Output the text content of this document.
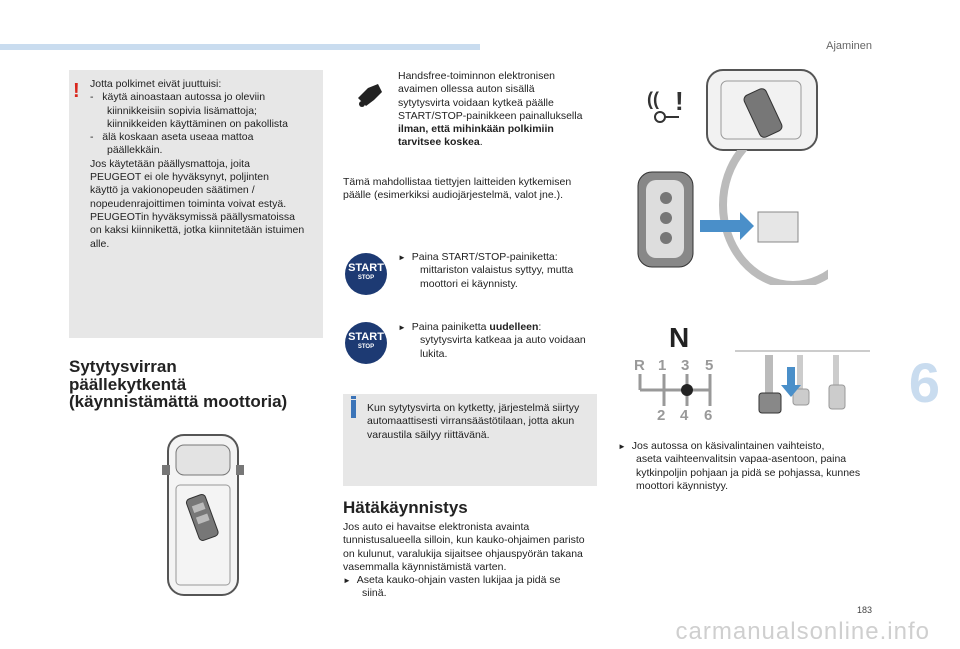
Ajaminen
6
183
carmanualsonline.info
! Jotta polkimet eivät juuttuisi:
-   käytä ainoastaan autossa jo oleviin
kiinnikkeisiin sopivia lisämattoja;
kiinnikkeiden käyttäminen on pakollista
-   älä koskaan aseta useaa mattoa
päällekkäin.
Jos käytetään päällysmattoja, joita
PEUGEOT ei ole hyväksynyt, poljinten
käyttö ja vakionopeuden säätimen /
nopeudenrajoittimen toiminta voivat estyä.
PEUGEOTin hyväksymissä päällysmatoissa
on kaksi kiinnikettä, jotka kiinnitetään istuimen
alle.
Sytytysvirran
päällekytkentä
(käynnistämättä moottoria)
Handsfree-toiminnon elektronisen
avaimen ollessa auton sisällä
sytytysvirta voidaan kytkeä päälle
START/STOP-painikkeen painalluksella
ilman, että mihinkään polkimiin
tarvitsee koskea.
Tämä mahdollistaa tiettyjen laitteiden kytkemisen
päälle (esimerkiksi audiojärjestelmä, valot jne.).
START
STOP
► Paina START/STOP-painiketta:
mittariston valaistus syttyy, mutta
moottori ei käynnisty.
START
STOP
► Paina painiketta uudelleen:
sytytysvirta katkeaa ja auto voidaan
lukita.
Kun sytytysvirta on kytketty, järjestelmä siirtyy
automaattisesti virransäästötilaan, jotta akun
varaustila säilyy riittävänä.
Hätäkäynnistys
Jos auto ei havaitse elektronista avainta
tunnistusalueella silloin, kun kauko-ohjaimen paristo
on kulunut, varalukija sijaitsee ohjauspyörän takana
vasemmalla käynnistämistä varten.
► Aseta kauko-ohjain vasten lukijaa ja pidä se
siinä.
(( !
N
R 1 3 5
2 4 6
► Jos autossa on käsivalintainen vaihteisto,
aseta vaihteenvalitsin vapaa-asentoon, paina
kytkinpoljin pohjaan ja pidä se pohjassa, kunnes
moottori käynnistyy.
